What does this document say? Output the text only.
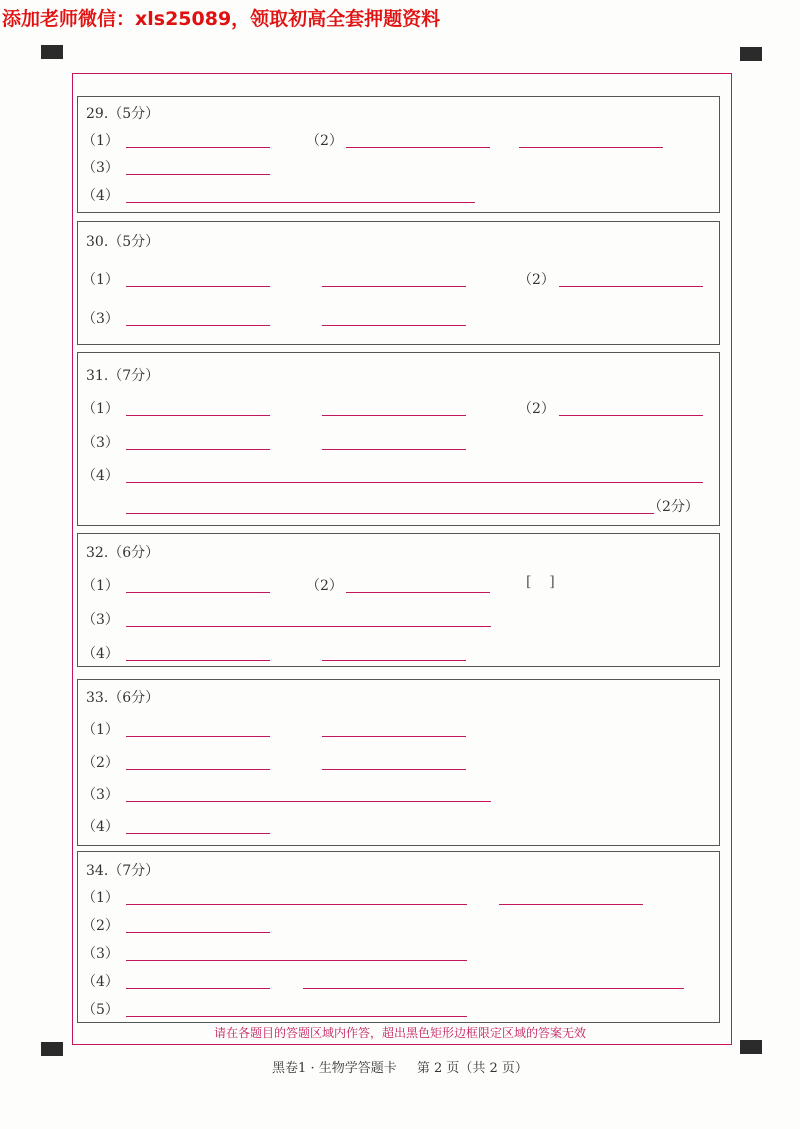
添加老师微信：xls25089，领取初高全套押题资料
29.（5分）
（1）	（2）
（3）
（4）
30.（5分）
（1）	（2）
（3）
31.（7分）
（1）	（2）
（3）
（4）
（2分）
32.（6分）
（1）	（2）	[    ]
（3）
（4）
33.（6分）
（1）
（2）
（3）
（4）
34.（7分）
（1）
（2）
（3）
（4）
（5）
请在各题目的答题区域内作答，超出黑色矩形边框限定区域的答案无效
黑卷1 · 生物学答题卡 第 2 页（共 2 页）
